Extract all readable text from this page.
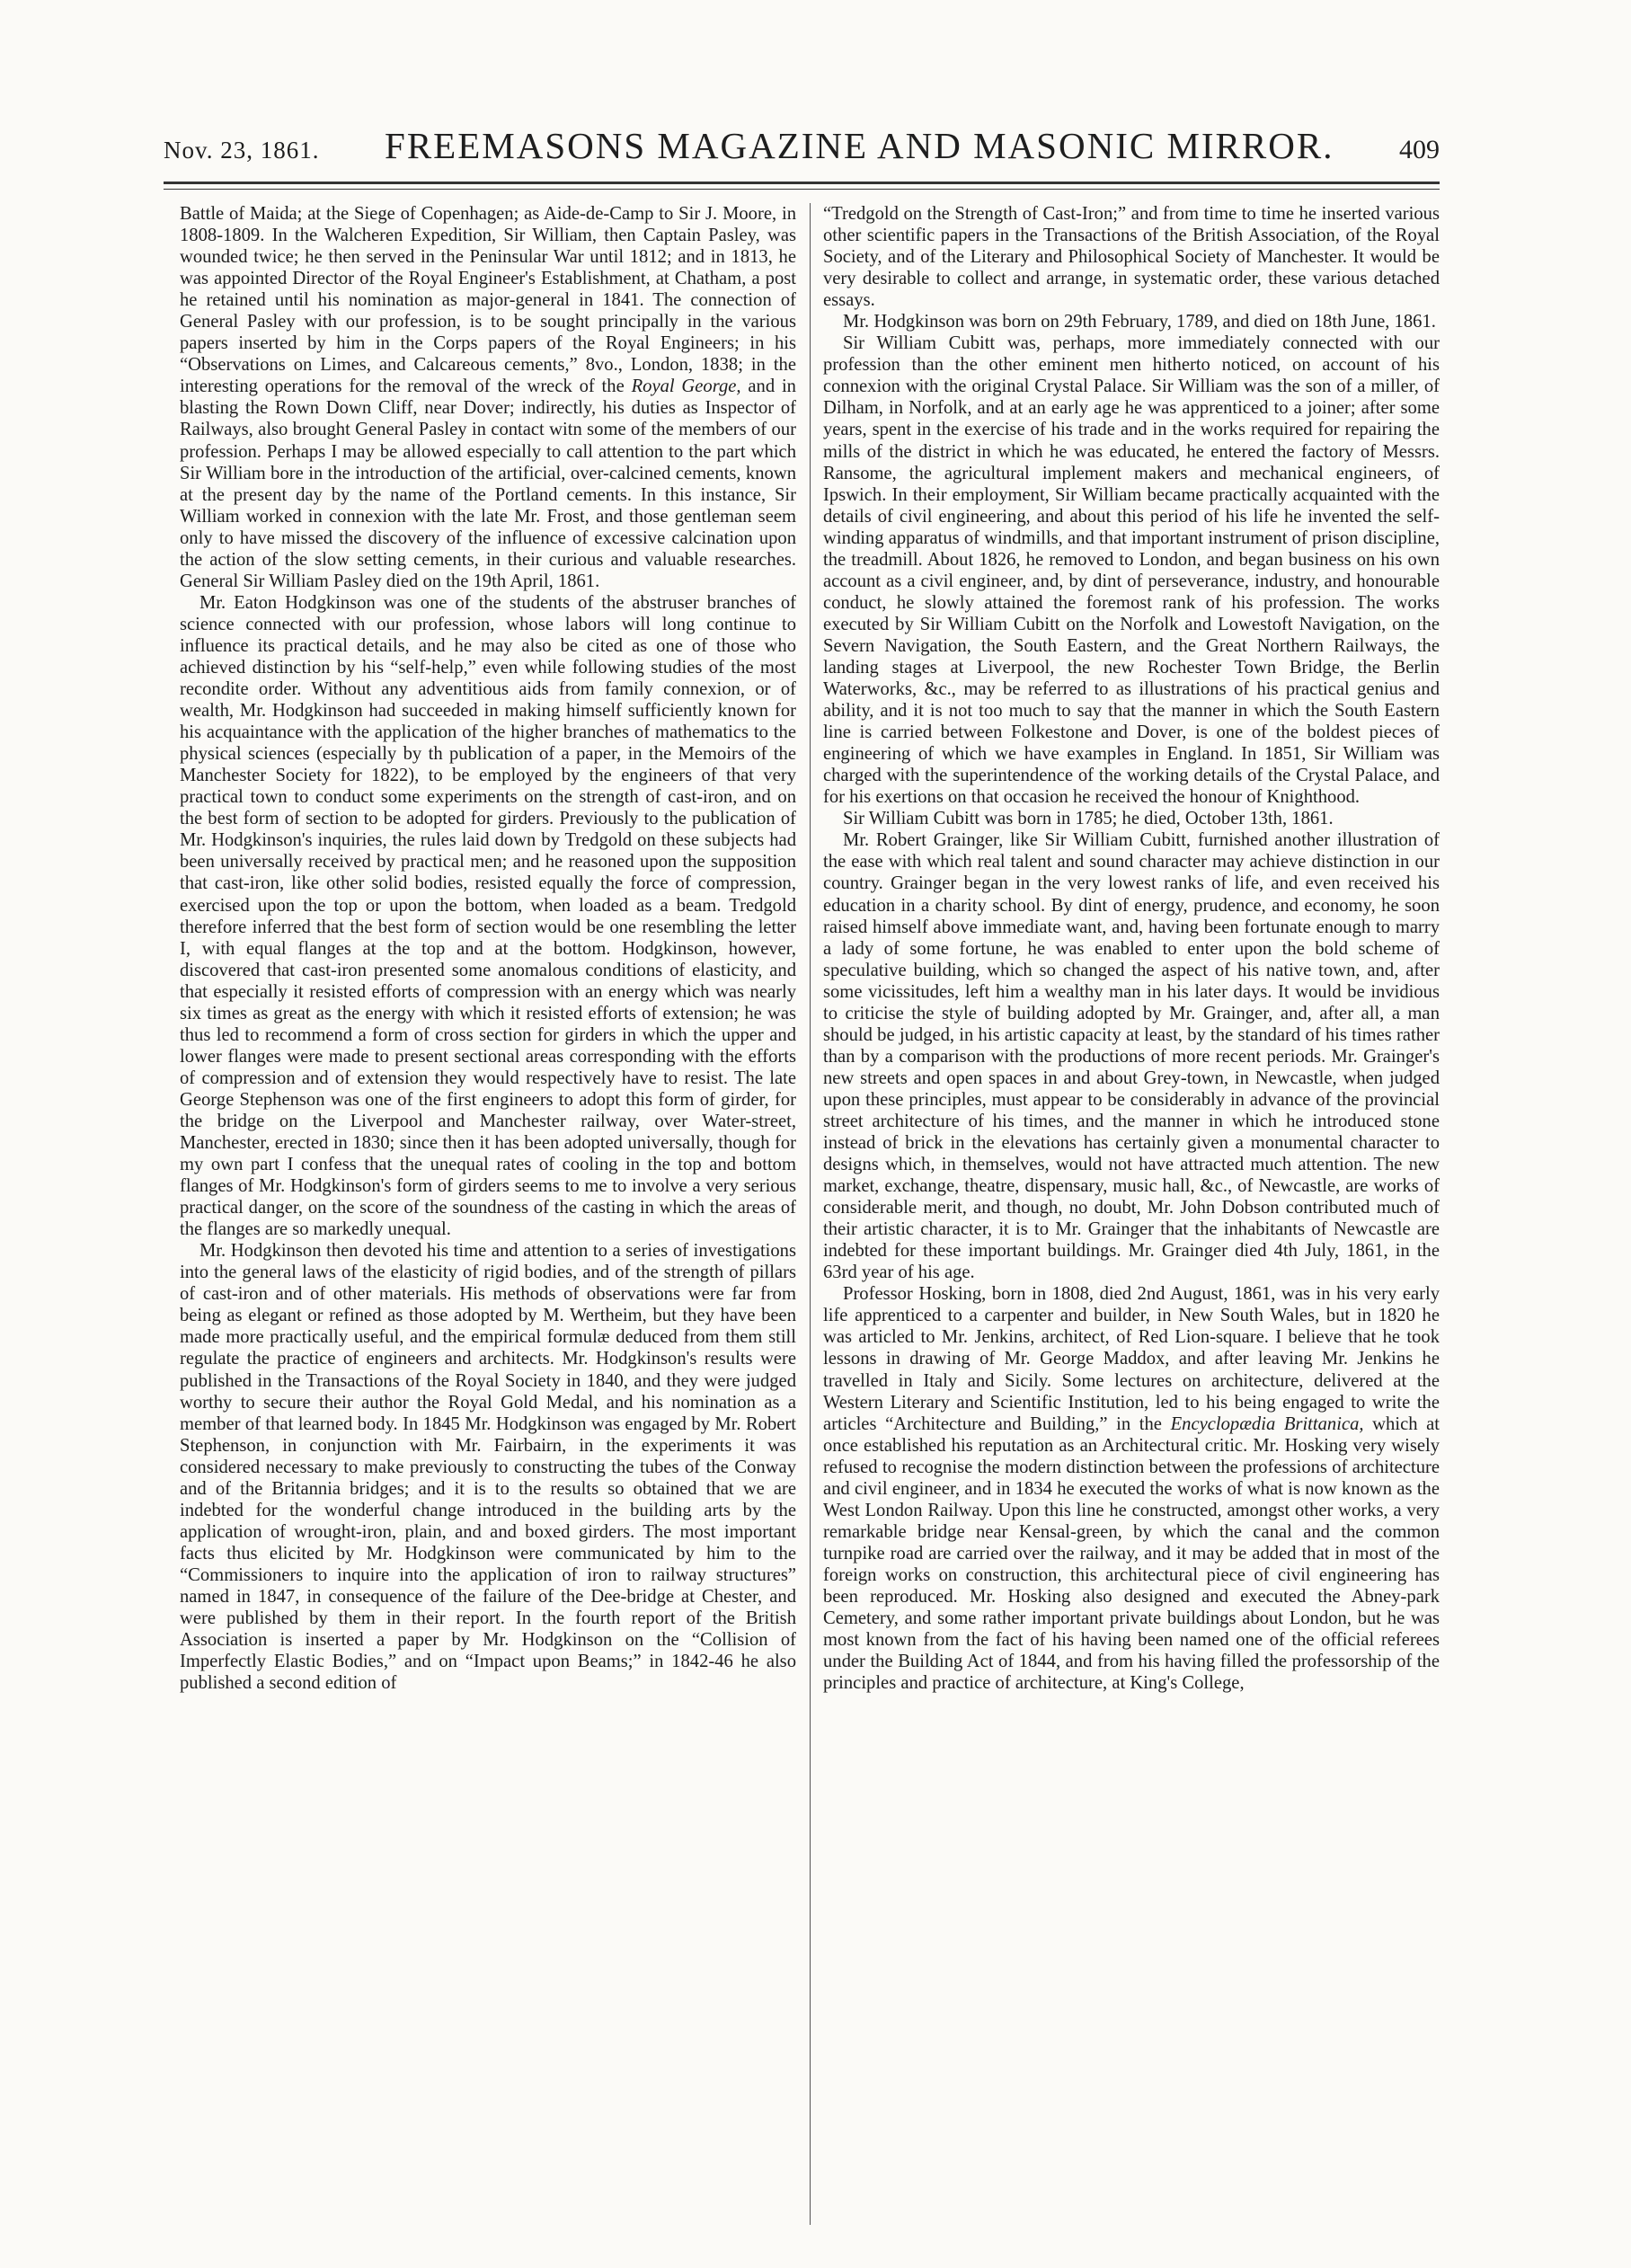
Nov. 23, 1861. FREEMASONS MAGAZINE AND MASONIC MIRROR. 409

Battle of Maida; at the Siege of Copenhagen; as Aide-de-Camp to Sir J. Moore, in 1808-1809. In the Walcheren Expedition, Sir William, then Captain Pasley, was wounded twice; he then served in the Peninsular War until 1812; and in 1813, he was appointed Director of the Royal Engineer's Establishment, at Chatham, a post he retained until his nomination as major-general in 1841. The connection of General Pasley with our profession, is to be sought principally in the various papers inserted by him in the Corps papers of the Royal Engineers; in his “Observations on Limes, and Calcareous cements,” 8vo., London, 1838; in the interesting operations for the removal of the wreck of the Royal George, and in blasting the Rown Down Cliff, near Dover; indirectly, his duties as Inspector of Railways, also brought General Pasley in contact witn some of the members of our profession. Perhaps I may be allowed especially to call attention to the part which Sir William bore in the introduction of the artificial, over-calcined cements, known at the present day by the name of the Portland cements. In this instance, Sir William worked in connexion with the late Mr. Frost, and those gentleman seem only to have missed the discovery of the influence of excessive calcination upon the action of the slow setting cements, in their curious and valuable researches. General Sir William Pasley died on the 19th April, 1861.

Mr. Eaton Hodgkinson was one of the students of the abstruser branches of science connected with our profession, whose labors will long continue to influence its practical details, and he may also be cited as one of those who achieved distinction by his “self-help,” even while following studies of the most recondite order. Without any adventitious aids from family connexion, or of wealth, Mr. Hodgkinson had succeeded in making himself sufficiently known for his acquaintance with the application of the higher branches of mathematics to the physical sciences (especially by th publication of a paper, in the Memoirs of the Manchester Society for 1822), to be employed by the engineers of that very practical town to conduct some experiments on the strength of cast-iron, and on the best form of section to be adopted for girders. Previously to the publication of Mr. Hodgkinson's inquiries, the rules laid down by Tredgold on these subjects had been universally received by practical men; and he reasoned upon the supposition that cast-iron, like other solid bodies, resisted equally the force of compression, exercised upon the top or upon the bottom, when loaded as a beam. Tredgold therefore inferred that the best form of section would be one resembling the letter I, with equal flanges at the top and at the bottom. Hodgkinson, however, discovered that cast-iron presented some anomalous conditions of elasticity, and that especially it resisted efforts of compression with an energy which was nearly six times as great as the energy with which it resisted efforts of extension; he was thus led to recommend a form of cross section for girders in which the upper and lower flanges were made to present sectional areas corresponding with the efforts of compression and of extension they would respectively have to resist. The late George Stephenson was one of the first engineers to adopt this form of girder, for the bridge on the Liverpool and Manchester railway, over Water-street, Manchester, erected in 1830; since then it has been adopted universally, though for my own part I confess that the unequal rates of cooling in the top and bottom flanges of Mr. Hodgkinson's form of girders seems to me to involve a very serious practical danger, on the score of the soundness of the casting in which the areas of the flanges are so markedly unequal.

Mr. Hodgkinson then devoted his time and attention to a series of investigations into the general laws of the elasticity of rigid bodies, and of the strength of pillars of cast-iron and of other materials. His methods of observations were far from being as elegant or refined as those adopted by M. Wertheim, but they have been made more practically useful, and the empirical formulæ deduced from them still regulate the practice of engineers and architects. Mr. Hodgkinson's results were published in the Transactions of the Royal Society in 1840, and they were judged worthy to secure their author the Royal Gold Medal, and his nomination as a member of that learned body. In 1845 Mr. Hodgkinson was engaged by Mr. Robert Stephenson, in conjunction with Mr. Fairbairn, in the experiments it was considered necessary to make previously to constructing the tubes of the Conway and of the Britannia bridges; and it is to the results so obtained that we are indebted for the wonderful change introduced in the building arts by the application of wrought-iron, plain, and and boxed girders. The most important facts thus elicited by Mr. Hodgkinson were communicated by him to the “Commissioners to inquire into the application of iron to railway structures” named in 1847, in consequence of the failure of the Dee-bridge at Chester, and were published by them in their report. In the fourth report of the British Association is inserted a paper by Mr. Hodgkinson on the “Collision of Imperfectly Elastic Bodies,” and on “Impact upon Beams;” in 1842-46 he also published a second edition of

“Tredgold on the Strength of Cast-Iron;” and from time to time he inserted various other scientific papers in the Transactions of the British Association, of the Royal Society, and of the Literary and Philosophical Society of Manchester. It would be very desirable to collect and arrange, in systematic order, these various detached essays.

Mr. Hodgkinson was born on 29th February, 1789, and died on 18th June, 1861.

Sir William Cubitt was, perhaps, more immediately connected with our profession than the other eminent men hitherto noticed, on account of his connexion with the original Crystal Palace. Sir William was the son of a miller, of Dilham, in Norfolk, and at an early age he was apprenticed to a joiner; after some years, spent in the exercise of his trade and in the works required for repairing the mills of the district in which he was educated, he entered the factory of Messrs. Ransome, the agricultural implement makers and mechanical engineers, of Ipswich. In their employment, Sir William became practically acquainted with the details of civil engineering, and about this period of his life he invented the self-winding apparatus of windmills, and that important instrument of prison discipline, the treadmill. About 1826, he removed to London, and began business on his own account as a civil engineer, and, by dint of perseverance, industry, and honourable conduct, he slowly attained the foremost rank of his profession. The works executed by Sir William Cubitt on the Norfolk and Lowestoft Navigation, on the Severn Navigation, the South Eastern, and the Great Northern Railways, the landing stages at Liverpool, the new Rochester Town Bridge, the Berlin Waterworks, &c., may be referred to as illustrations of his practical genius and ability, and it is not too much to say that the manner in which the South Eastern line is carried between Folkestone and Dover, is one of the boldest pieces of engineering of which we have examples in England. In 1851, Sir William was charged with the superintendence of the working details of the Crystal Palace, and for his exertions on that occasion he received the honour of Knighthood.

Sir William Cubitt was born in 1785; he died, October 13th, 1861.

Mr. Robert Grainger, like Sir William Cubitt, furnished another illustration of the ease with which real talent and sound character may achieve distinction in our country. Grainger began in the very lowest ranks of life, and even received his education in a charity school. By dint of energy, prudence, and economy, he soon raised himself above immediate want, and, having been fortunate enough to marry a lady of some fortune, he was enabled to enter upon the bold scheme of speculative building, which so changed the aspect of his native town, and, after some vicissitudes, left him a wealthy man in his later days. It would be invidious to criticise the style of building adopted by Mr. Grainger, and, after all, a man should be judged, in his artistic capacity at least, by the standard of his times rather than by a comparison with the productions of more recent periods. Mr. Grainger's new streets and open spaces in and about Grey-town, in Newcastle, when judged upon these principles, must appear to be considerably in advance of the provincial street architecture of his times, and the manner in which he introduced stone instead of brick in the elevations has certainly given a monumental character to designs which, in themselves, would not have attracted much attention. The new market, exchange, theatre, dispensary, music hall, &c., of Newcastle, are works of considerable merit, and though, no doubt, Mr. John Dobson contributed much of their artistic character, it is to Mr. Grainger that the inhabitants of Newcastle are indebted for these important buildings. Mr. Grainger died 4th July, 1861, in the 63rd year of his age.

Professor Hosking, born in 1808, died 2nd August, 1861, was in his very early life apprenticed to a carpenter and builder, in New South Wales, but in 1820 he was articled to Mr. Jenkins, architect, of Red Lion-square. I believe that he took lessons in drawing of Mr. George Maddox, and after leaving Mr. Jenkins he travelled in Italy and Sicily. Some lectures on architecture, delivered at the Western Literary and Scientific Institution, led to his being engaged to write the articles “Architecture and Building,” in the Encyclopædia Brittanica, which at once established his reputation as an Architectural critic. Mr. Hosking very wisely refused to recognise the modern distinction between the professions of architecture and civil engineer, and in 1834 he executed the works of what is now known as the West London Railway. Upon this line he constructed, amongst other works, a very remarkable bridge near Kensal-green, by which the canal and the common turnpike road are carried over the railway, and it may be added that in most of the foreign works on construction, this architectural piece of civil engineering has been reproduced. Mr. Hosking also designed and executed the Abney-park Cemetery, and some rather important private buildings about London, but he was most known from the fact of his having been named one of the official referees under the Building Act of 1844, and from his having filled the professorship of the principles and practice of architecture, at King's College,
